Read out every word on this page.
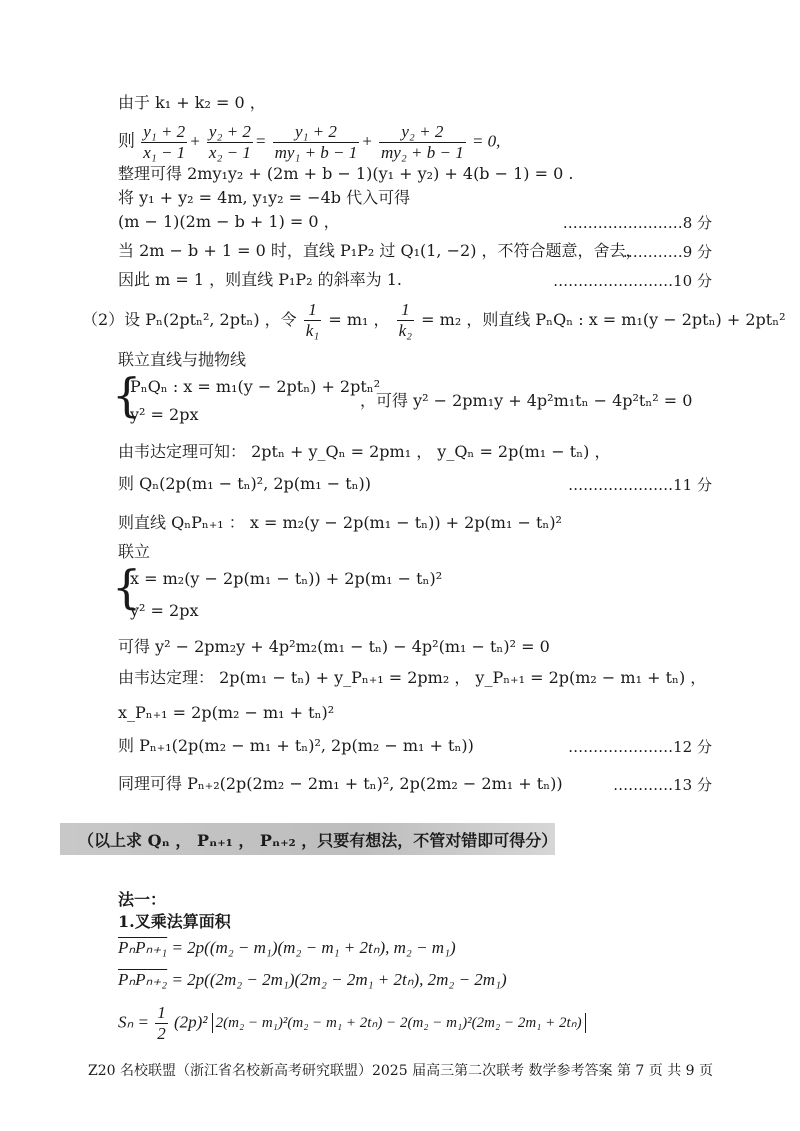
由于 k₁ + k₂ = 0 ，
则 $\frac{\text{y₁ + 2}}{\text{x₁ − 1}} + \frac{\text{y₂ + 2}}{\text{x₂ − 1}} = \frac{\text{y₁ + 2}}{\text{my₁ + b − 1}} + \frac{\text{y₂ + 2}}{\text{my₂ + b − 1}} = 0$,
整理可得 2my₁y₂ + (2m + b − 1)(y₁ + y₂) + 4(b − 1) = 0 .
将 y₁ + y₂ = 4m, y₁y₂ = −4b 代入可得
(m − 1)(2m − b + 1) = 0 ，	……………………8 分
当 2m − b + 1 = 0 时，直线 P₁P₂ 过 Q₁(1, −2) ，不符合题意，舍去，
…………9 分
因此 m = 1 ，则直线 P₁P₂ 的斜率为 1.	……………………10 分
（2）设 Pₙ(2ptₙ², 2ptₙ) ，令 $\frac{1}{\text{k₁}} = m_1$ ， $\frac{1}{\text{k₂}} = m_2$ ，则直线 PₙQₙ : x = m₁(y − 2ptₙ) + 2ptₙ²
联立直线与抛物线
{
PₙQₙ : x = m₁(y − 2ptₙ) + 2ptₙ²
y² = 2px
，可得 y² − 2pm₁y + 4p²m₁tₙ − 4p²tₙ² = 0
由韦达定理可知： 2ptₙ + y_Qₙ = 2pm₁ ， y_Qₙ = 2p(m₁ − tₙ) ，
则 Qₙ(2p(m₁ − tₙ)², 2p(m₁ − tₙ))	…………………11 分
则直线 QₙPₙ₊₁ ： x = m₂(y − 2p(m₁ − tₙ)) + 2p(m₁ − tₙ)²
联立
{
x = m₂(y − 2p(m₁ − tₙ)) + 2p(m₁ − tₙ)²
y² = 2px
可得 y² − 2pm₂y + 4p²m₂(m₁ − tₙ) − 4p²(m₁ − tₙ)² = 0
由韦达定理： 2p(m₁ − tₙ) + y_Pₙ₊₁ = 2pm₂ ， y_Pₙ₊₁ = 2p(m₂ − m₁ + tₙ) ，
x_Pₙ₊₁ = 2p(m₂ − m₁ + tₙ)²
则 Pₙ₊₁(2p(m₂ − m₁ + tₙ)², 2p(m₂ − m₁ + tₙ))	…………………12 分
同理可得 Pₙ₊₂(2p(2m₂ − 2m₁ + tₙ)², 2p(2m₂ − 2m₁ + tₙ))	…………13 分
（以上求 Qₙ ， Pₙ₊₁ ， Pₙ₊₂ ，只要有想法，不管对错即可得分）
法一：
1.叉乘法算面积
PₙPₙ₊₁ = 2p((m₂ − m₁)(m₂ − m₁ + 2tₙ), m₂ − m₁)
PₙPₙ₊₂ = 2p((2m₂ − 2m₁)(2m₂ − 2m₁ + 2tₙ), 2m₂ − 2m₁)
$S_n = \frac{1}{2} (2p)^2$ 2(m₂ − m₁)²(m₂ − m₁ + 2tₙ) − 2(m₂ − m₁)²(2m₂ − 2m₁ + 2tₙ)
Z20 名校联盟（浙江省名校新高考研究联盟）2025 届高三第二次联考 数学参考答案 第 7 页 共 9 页
